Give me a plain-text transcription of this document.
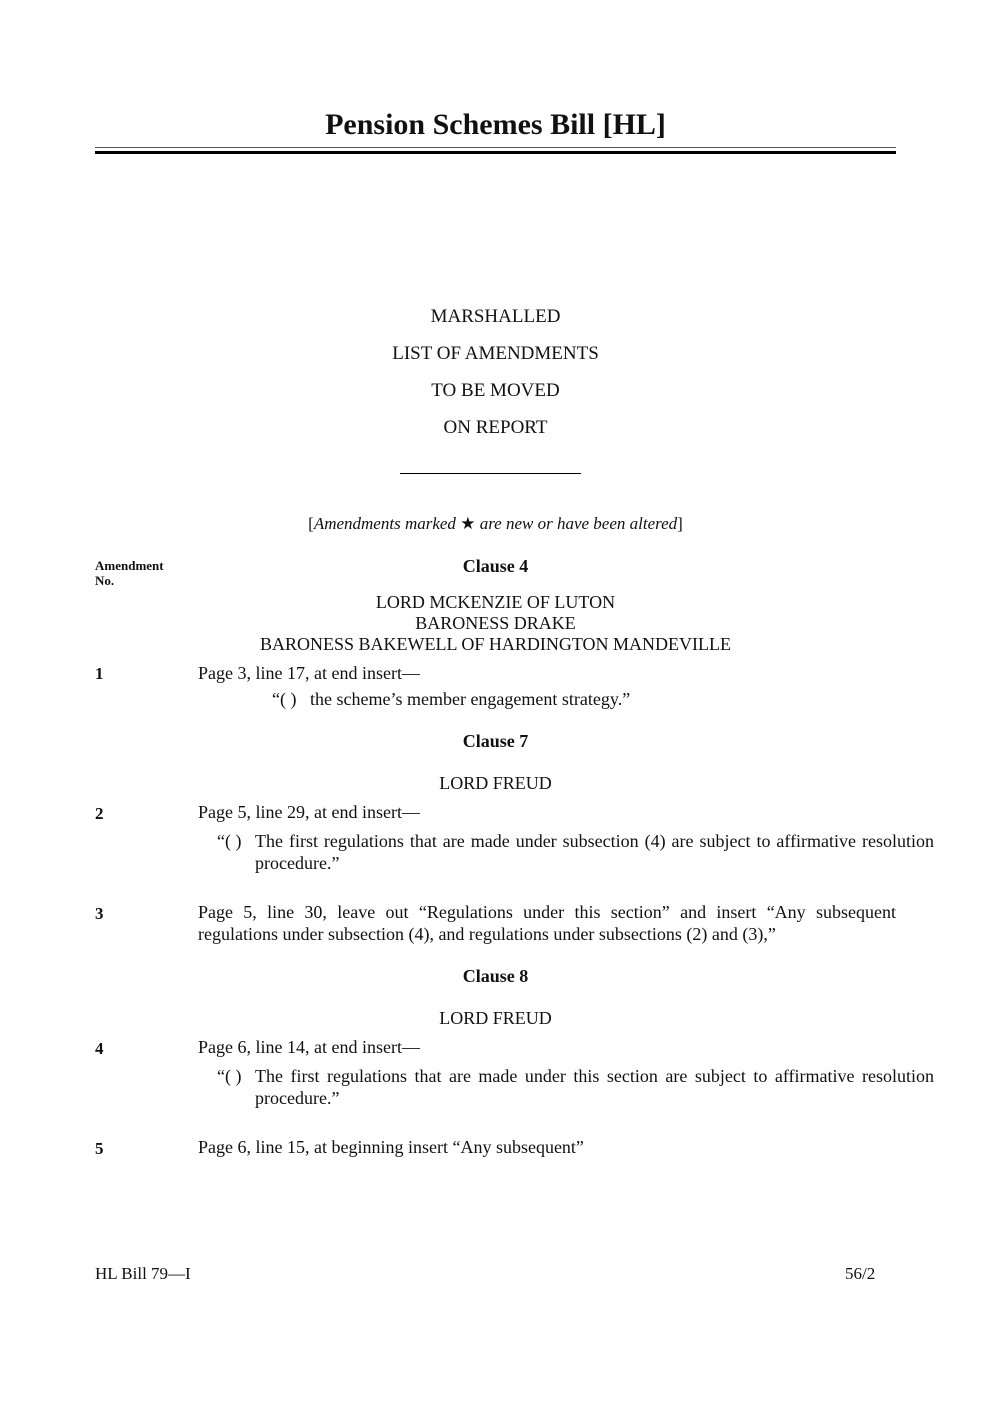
Pension Schemes Bill [HL]
MARSHALLED
LIST OF AMENDMENTS
TO BE MOVED
ON REPORT
[Amendments marked ★ are new or have been altered]
Amendment
No.
Clause 4
LORD MCKENZIE OF LUTON
BARONESS DRAKE
BARONESS BAKEWELL OF HARDINGTON MANDEVILLE
1	Page 3, line 17, at end insert—
“( ) the scheme’s member engagement strategy.”
Clause 7
LORD FREUD
2	Page 5, line 29, at end insert—
“( ) The first regulations that are made under subsection (4) are subject to affirmative resolution procedure.”
3	Page 5, line 30, leave out “Regulations under this section” and insert “Any subsequent regulations under subsection (4), and regulations under subsections (2) and (3),”
Clause 8
LORD FREUD
4	Page 6, line 14, at end insert—
“( ) The first regulations that are made under this section are subject to affirmative resolution procedure.”
5	Page 6, line 15, at beginning insert “Any subsequent”
HL Bill 79—I	56/2
